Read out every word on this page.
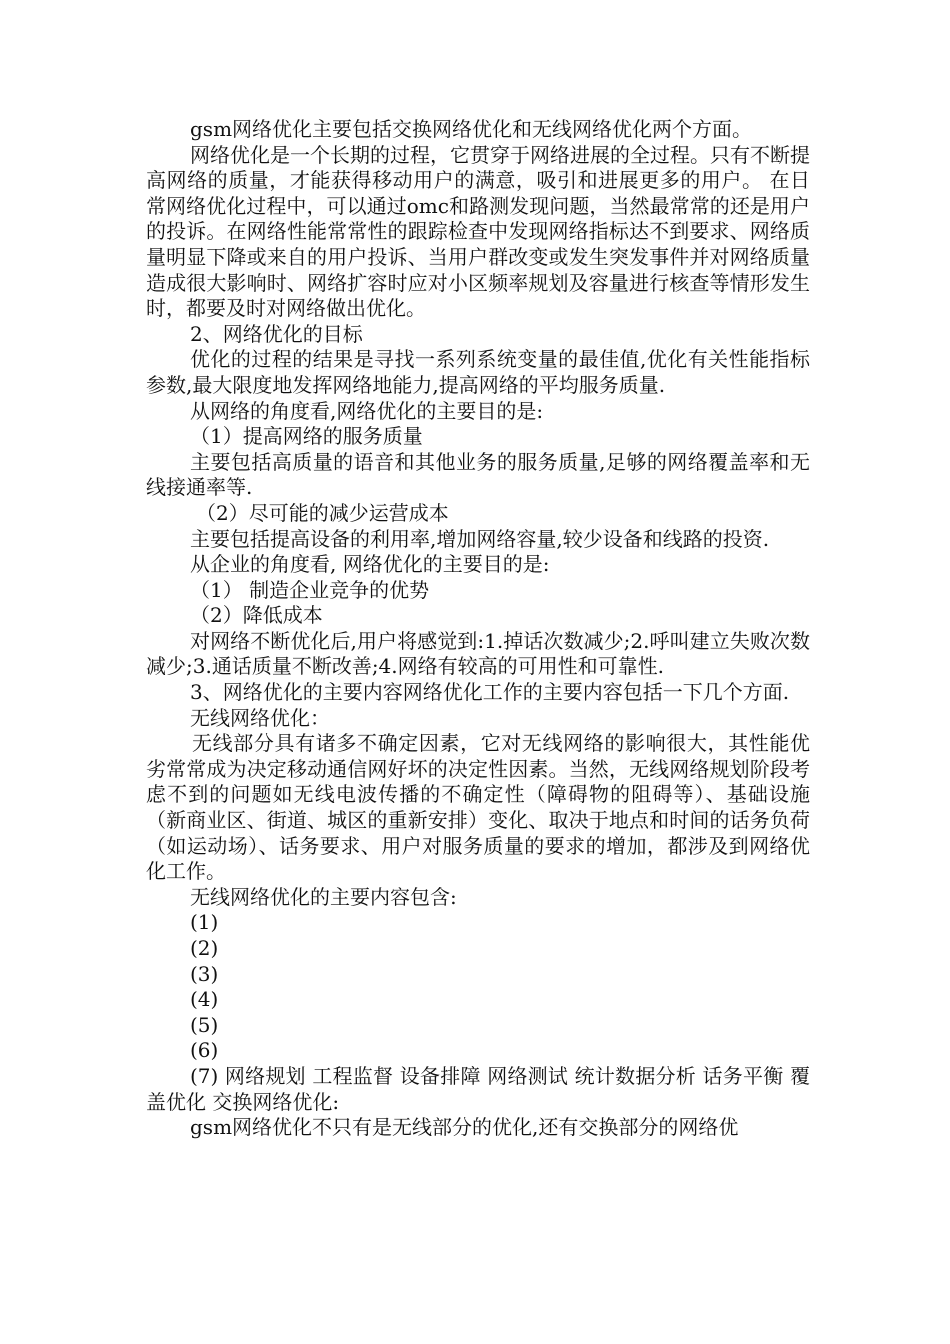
gsm网络优化主要包括交换网络优化和无线网络优化两个方面。

网络优化是一个长期的过程，它贯穿于网络进展的全过程。只有不断提高网络的质量，才能获得移动用户的满意，吸引和进展更多的用户。 在日常网络优化过程中，可以通过omc和路测发现问题，当然最常常的还是用户的投诉。在网络性能常常性的跟踪检查中发现网络指标达不到要求、网络质量明显下降或来自的用户投诉、当用户群改变或发生突发事件并对网络质量造成很大影响时、网络扩容时应对小区频率规划及容量进行核查等情形发生时，都要及时对网络做出优化。

2、网络优化的目标

优化的过程的结果是寻找一系列系统变量的最佳值,优化有关性能指标参数,最大限度地发挥网络地能力,提高网络的平均服务质量.

从网络的角度看,网络优化的主要目的是:

（1）提高网络的服务质量

主要包括高质量的语音和其他业务的服务质量,足够的网络覆盖率和无线接通率等.

（2）尽可能的减少运营成本

主要包括提高设备的利用率,增加网络容量,较少设备和线路的投资.

从企业的角度看, 网络优化的主要目的是:

（1） 制造企业竞争的优势

（2）降低成本

对网络不断优化后,用户将感觉到:1.掉话次数减少;2.呼叫建立失败次数减少;3.通话质量不断改善;4.网络有较高的可用性和可靠性.

3、网络优化的主要内容网络优化工作的主要内容包括一下几个方面.

无线网络优化：

无线部分具有诸多不确定因素，它对无线网络的影响很大，其性能优劣常常成为决定移动通信网好坏的决定性因素。当然，无线网络规划阶段考虑不到的问题如无线电波传播的不确定性（障碍物的阻碍等）、基础设施（新商业区、街道、城区的重新安排）变化、取决于地点和时间的话务负荷（如运动场）、话务要求、用户对服务质量的要求的增加，都涉及到网络优化工作。

无线网络优化的主要内容包含:

(1)

(2)

(3)

(4)

(5)

(6)

(7) 网络规划 工程监督 设备排障 网络测试 统计数据分析 话务平衡 覆盖优化 交换网络优化:

gsm网络优化不只有是无线部分的优化,还有交换部分的网络优
